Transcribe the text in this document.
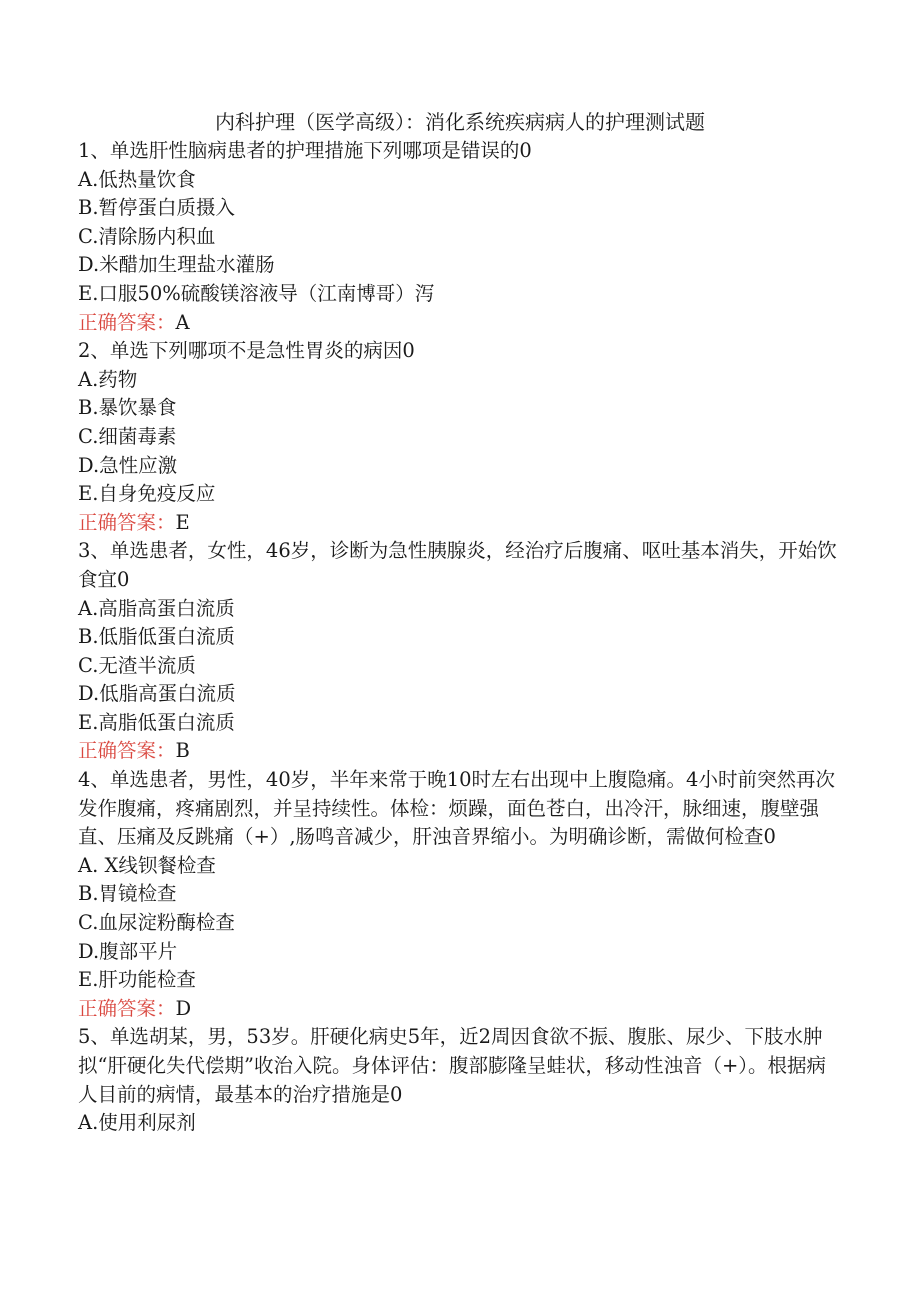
内科护理（医学高级）：消化系统疾病病人的护理测试题
1、单选肝性脑病患者的护理措施下列哪项是错误的0
A.低热量饮食
B.暂停蛋白质摄入
C.清除肠内积血
D.米醋加生理盐水灌肠
E.口服50%硫酸镁溶液导（江南博哥）泻
正确答案：A
2、单选下列哪项不是急性胃炎的病因0
A.药物
B.暴饮暴食
C.细菌毒素
D.急性应激
E.自身免疫反应
正确答案：E
3、单选患者，女性，46岁，诊断为急性胰腺炎，经治疗后腹痛、呕吐基本消失，开始饮食宜0
A.高脂高蛋白流质
B.低脂低蛋白流质
C.无渣半流质
D.低脂高蛋白流质
E.高脂低蛋白流质
正确答案：B
4、单选患者，男性，40岁，半年来常于晚10时左右出现中上腹隐痛。4小时前突然再次发作腹痛，疼痛剧烈，并呈持续性。体检：烦躁，面色苍白，出冷汗，脉细速，腹壁强直、压痛及反跳痛（+）,肠鸣音减少，肝浊音界缩小。为明确诊断，需做何检查0
A. X线钡餐检查
B.胃镜检查
C.血尿淀粉酶检查
D.腹部平片
E.肝功能检查
正确答案：D
5、单选胡某，男，53岁。肝硬化病史5年，近2周因食欲不振、腹胀、尿少、下肢水肿拟“肝硬化失代偿期”收治入院。身体评估：腹部膨隆呈蛙状，移动性浊音（+）。根据病人目前的病情，最基本的治疗措施是0
A.使用利尿剂
